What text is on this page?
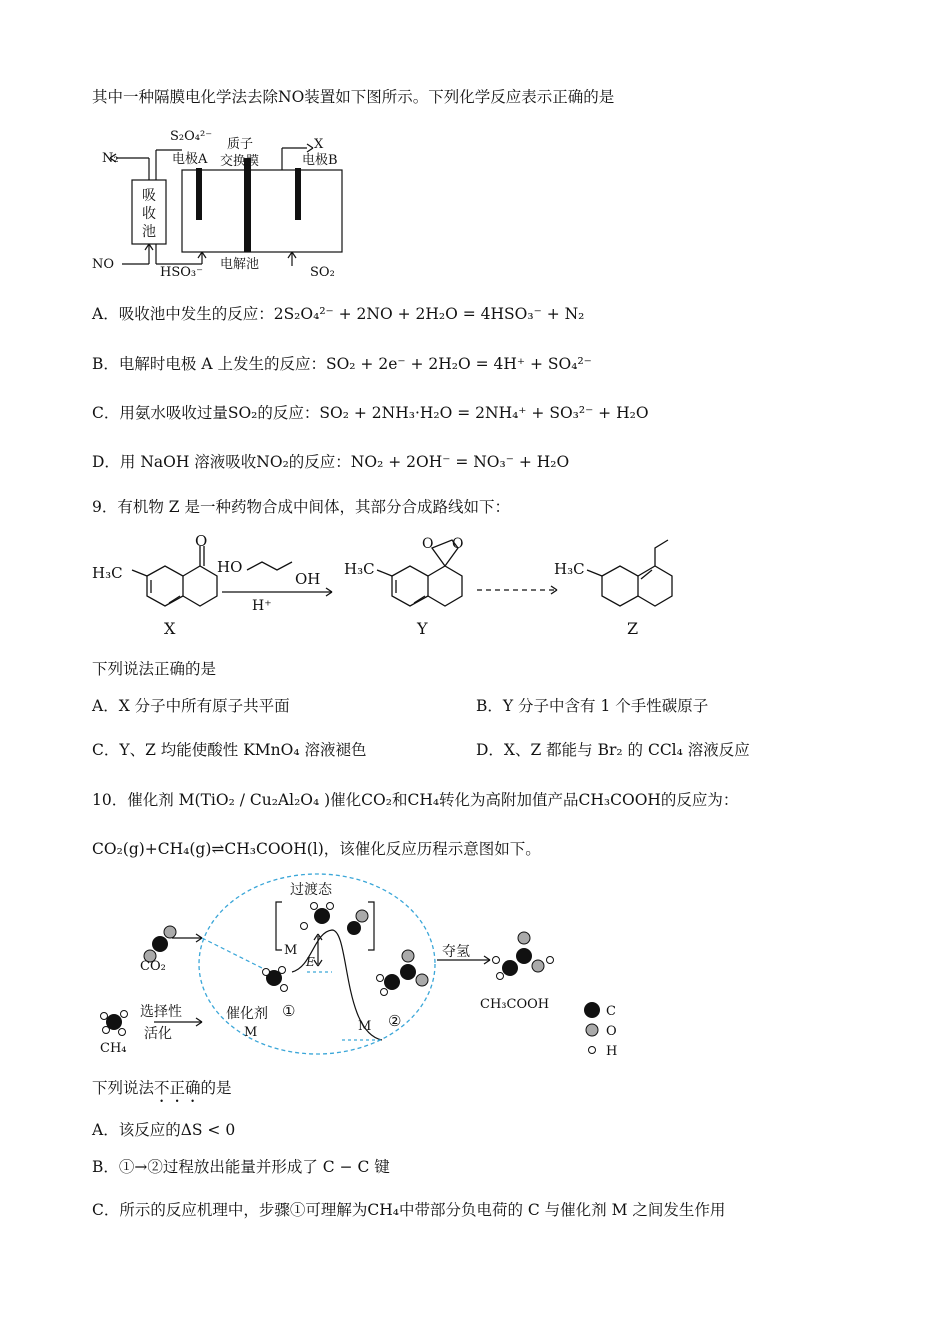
其中一种隔膜电化学法去除NO装置如下图所示。下列化学反应表示正确的是
N₂
S₂O₄²⁻
电极A
质子
交换膜
X
电极B
吸
收
池
NO
HSO₃⁻
电解池
SO₂
A．吸收池中发生的反应：2S₂O₄²⁻ + 2NO + 2H₂O = 4HSO₃⁻ + N₂
B．电解时电极 A 上发生的反应：SO₂ + 2e⁻ + 2H₂O = 4H⁺ + SO₄²⁻
C．用氨水吸收过量SO₂的反应：SO₂ + 2NH₃·H₂O = 2NH₄⁺ + SO₃²⁻ + H₂O
D．用 NaOH 溶液吸收NO₂的反应：NO₂ + 2OH⁻ = NO₃⁻ + H₂O
9．有机物 Z 是一种药物合成中间体，其部分合成路线如下：
H₃C
O
HO
OH
H⁺
H₃C
O O
H₃C
X	Y	Z
下列说法正确的是
A．X 分子中所有原子共平面	B．Y 分子中含有 1 个手性碳原子
C．Y、Z 均能使酸性 KMnO₄ 溶液褪色	D．X、Z 都能与 Br₂ 的 CCl₄ 溶液反应
10．催化剂 M(TiO₂ / Cu₂Al₂O₄ )催化CO₂和CH₄转化为高附加值产品CH₃COOH的反应为：
CO₂(g)+CH₄(g)⇌CH₃COOH(l)，该催化反应历程示意图如下。
过渡态
M
E
CO₂
CH₄
选择性
活化
催化剂
M
①
②
M
夺氢
CH₃COOH	C
O
H
下列说法不正确的是
A．该反应的ΔS < 0
B．①→②过程放出能量并形成了 C − C 键
C．所示的反应机理中，步骤①可理解为CH₄中带部分负电荷的 C 与催化剂 M 之间发生作用
